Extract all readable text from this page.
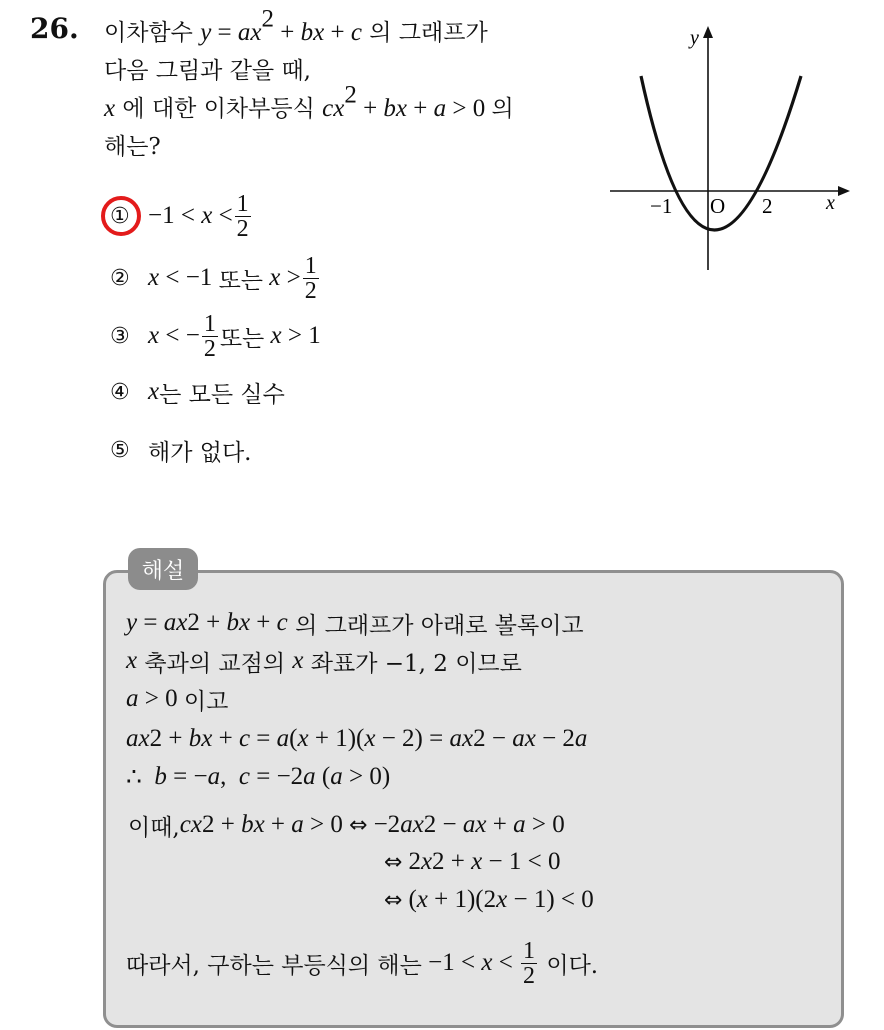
26. 이차함수 $y = ax^2$ + bx + c 의 그래프가
다음 그림과 같을 때,
x 에 대한 이차부등식 $cx^2$ + bx + a > 0 의
해는?
① $-1 < x < \frac{1}{2}$
② x < −1 또는 $x > \frac{1}{2}$
③ x < − $\frac{1}{2}$ 또는 x > 1
④ x 는 모든 실수
⑤ 해가 없다.
y
x
O
−1	2
해설
y = ax 2 + bx + c
의 그래프가 아래로 볼록이고
x
축과의 교점의
x
좌표가 −1, 2 이므로
a > 0 이고
ax 2 + bx + c = a ( x + 1)( x − 2) = ax 2 − ax − 2 a
∴ b = − a , c = −2 a ( a > 0)
이때, cx 2 + bx + a > 0 ⇔ −2 ax 2 − ax + a > 0
⇔ 2 x 2 + x − 1 < 0
⇔ ( x + 1)(2 x − 1) < 0
따라서, 구하는 부등식의 해는 $-1 < x < \frac{1}{2}$
이다.
